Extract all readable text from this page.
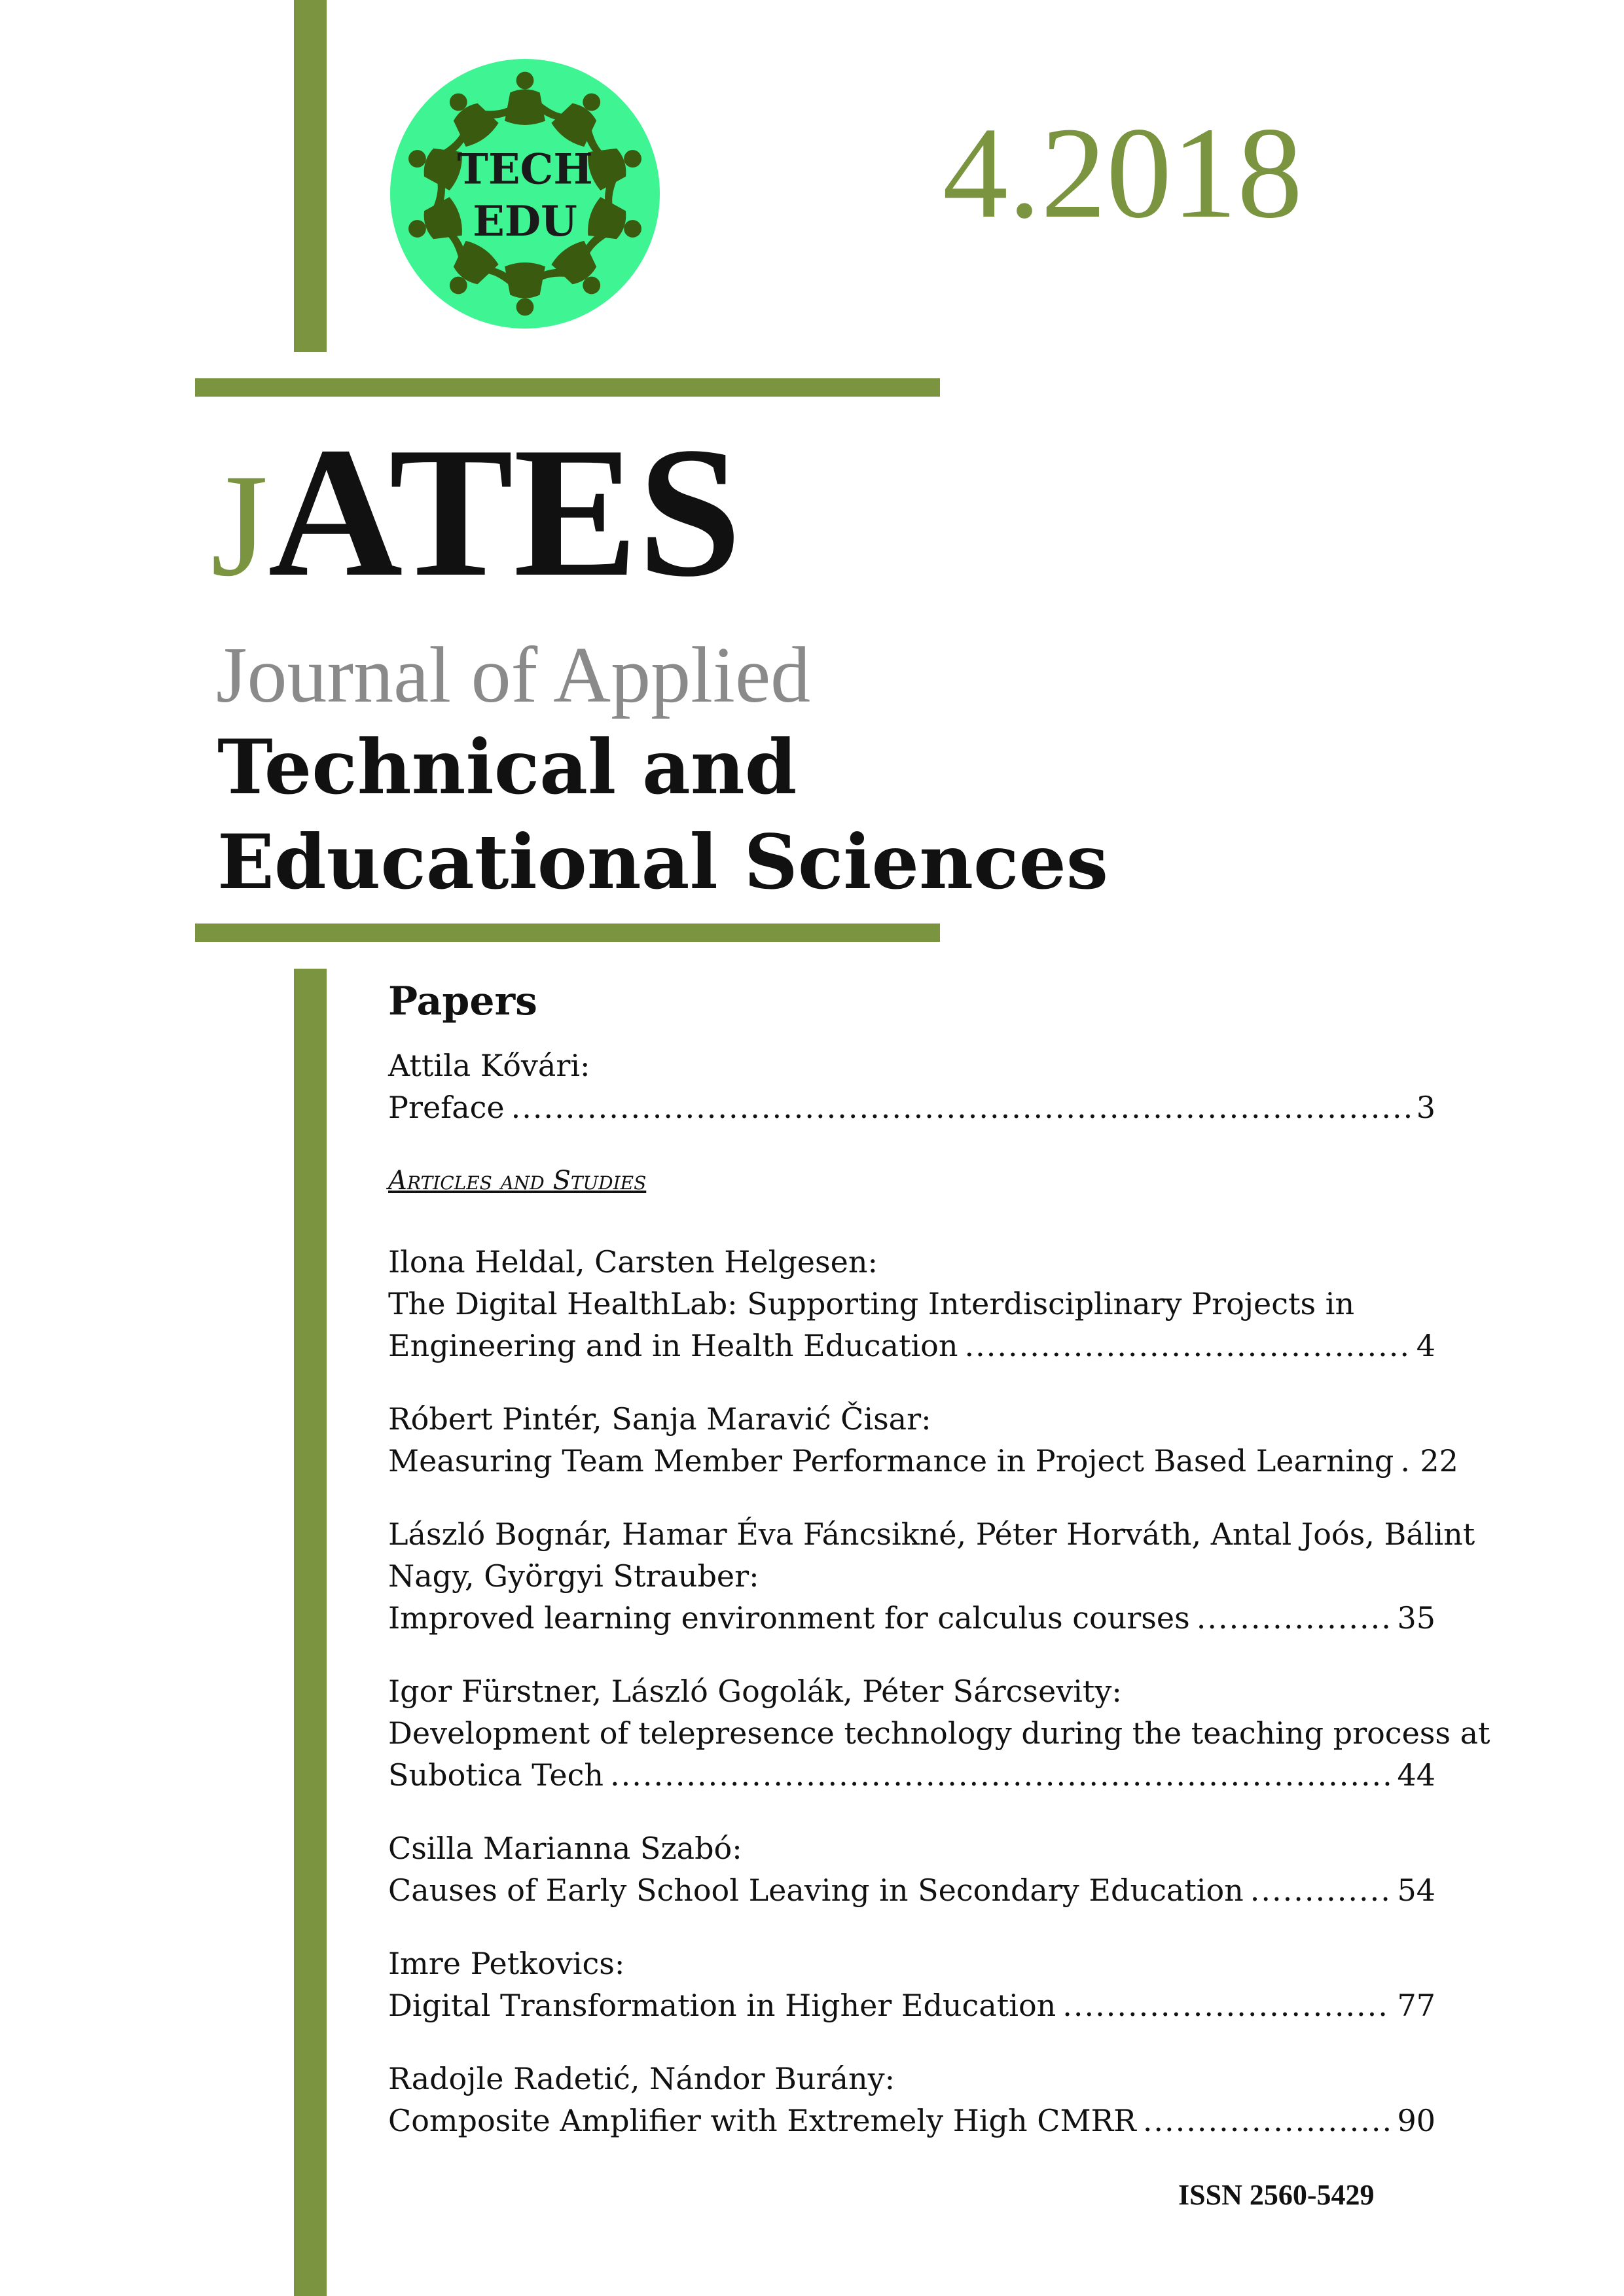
TECH
EDU	4.2018
JATES
Journal of Applied
Technical and
Educational Sciences
Papers
Attila Kővári:
Preface .....	3
Articles and Studies
Ilona Heldal, Carsten Helgesen:
The Digital HealthLab: Supporting Interdisciplinary Projects in
Engineering and in Health Education .....	4
Róbert Pintér, Sanja Maravić Čisar:
Measuring Team Member Performance in Project Based Learning ..... 22
László Bognár, Hamar Éva Fáncsikné, Péter Horváth, Antal Joós, Bálint
Nagy, Györgyi Strauber:
Improved learning environment for calculus courses .....	35
Igor Fürstner, László Gogolák, Péter Sárcsevity:
Development of telepresence technology during the teaching process at
Subotica Tech .....	44
Csilla Marianna Szabó:
Causes of Early School Leaving in Secondary Education .....	54
Imre Petkovics:
Digital Transformation in Higher Education .....	77
Radojle Radetić, Nándor Burány:
Composite Amplifier with Extremely High CMRR .....	90
ISSN 2560-5429
